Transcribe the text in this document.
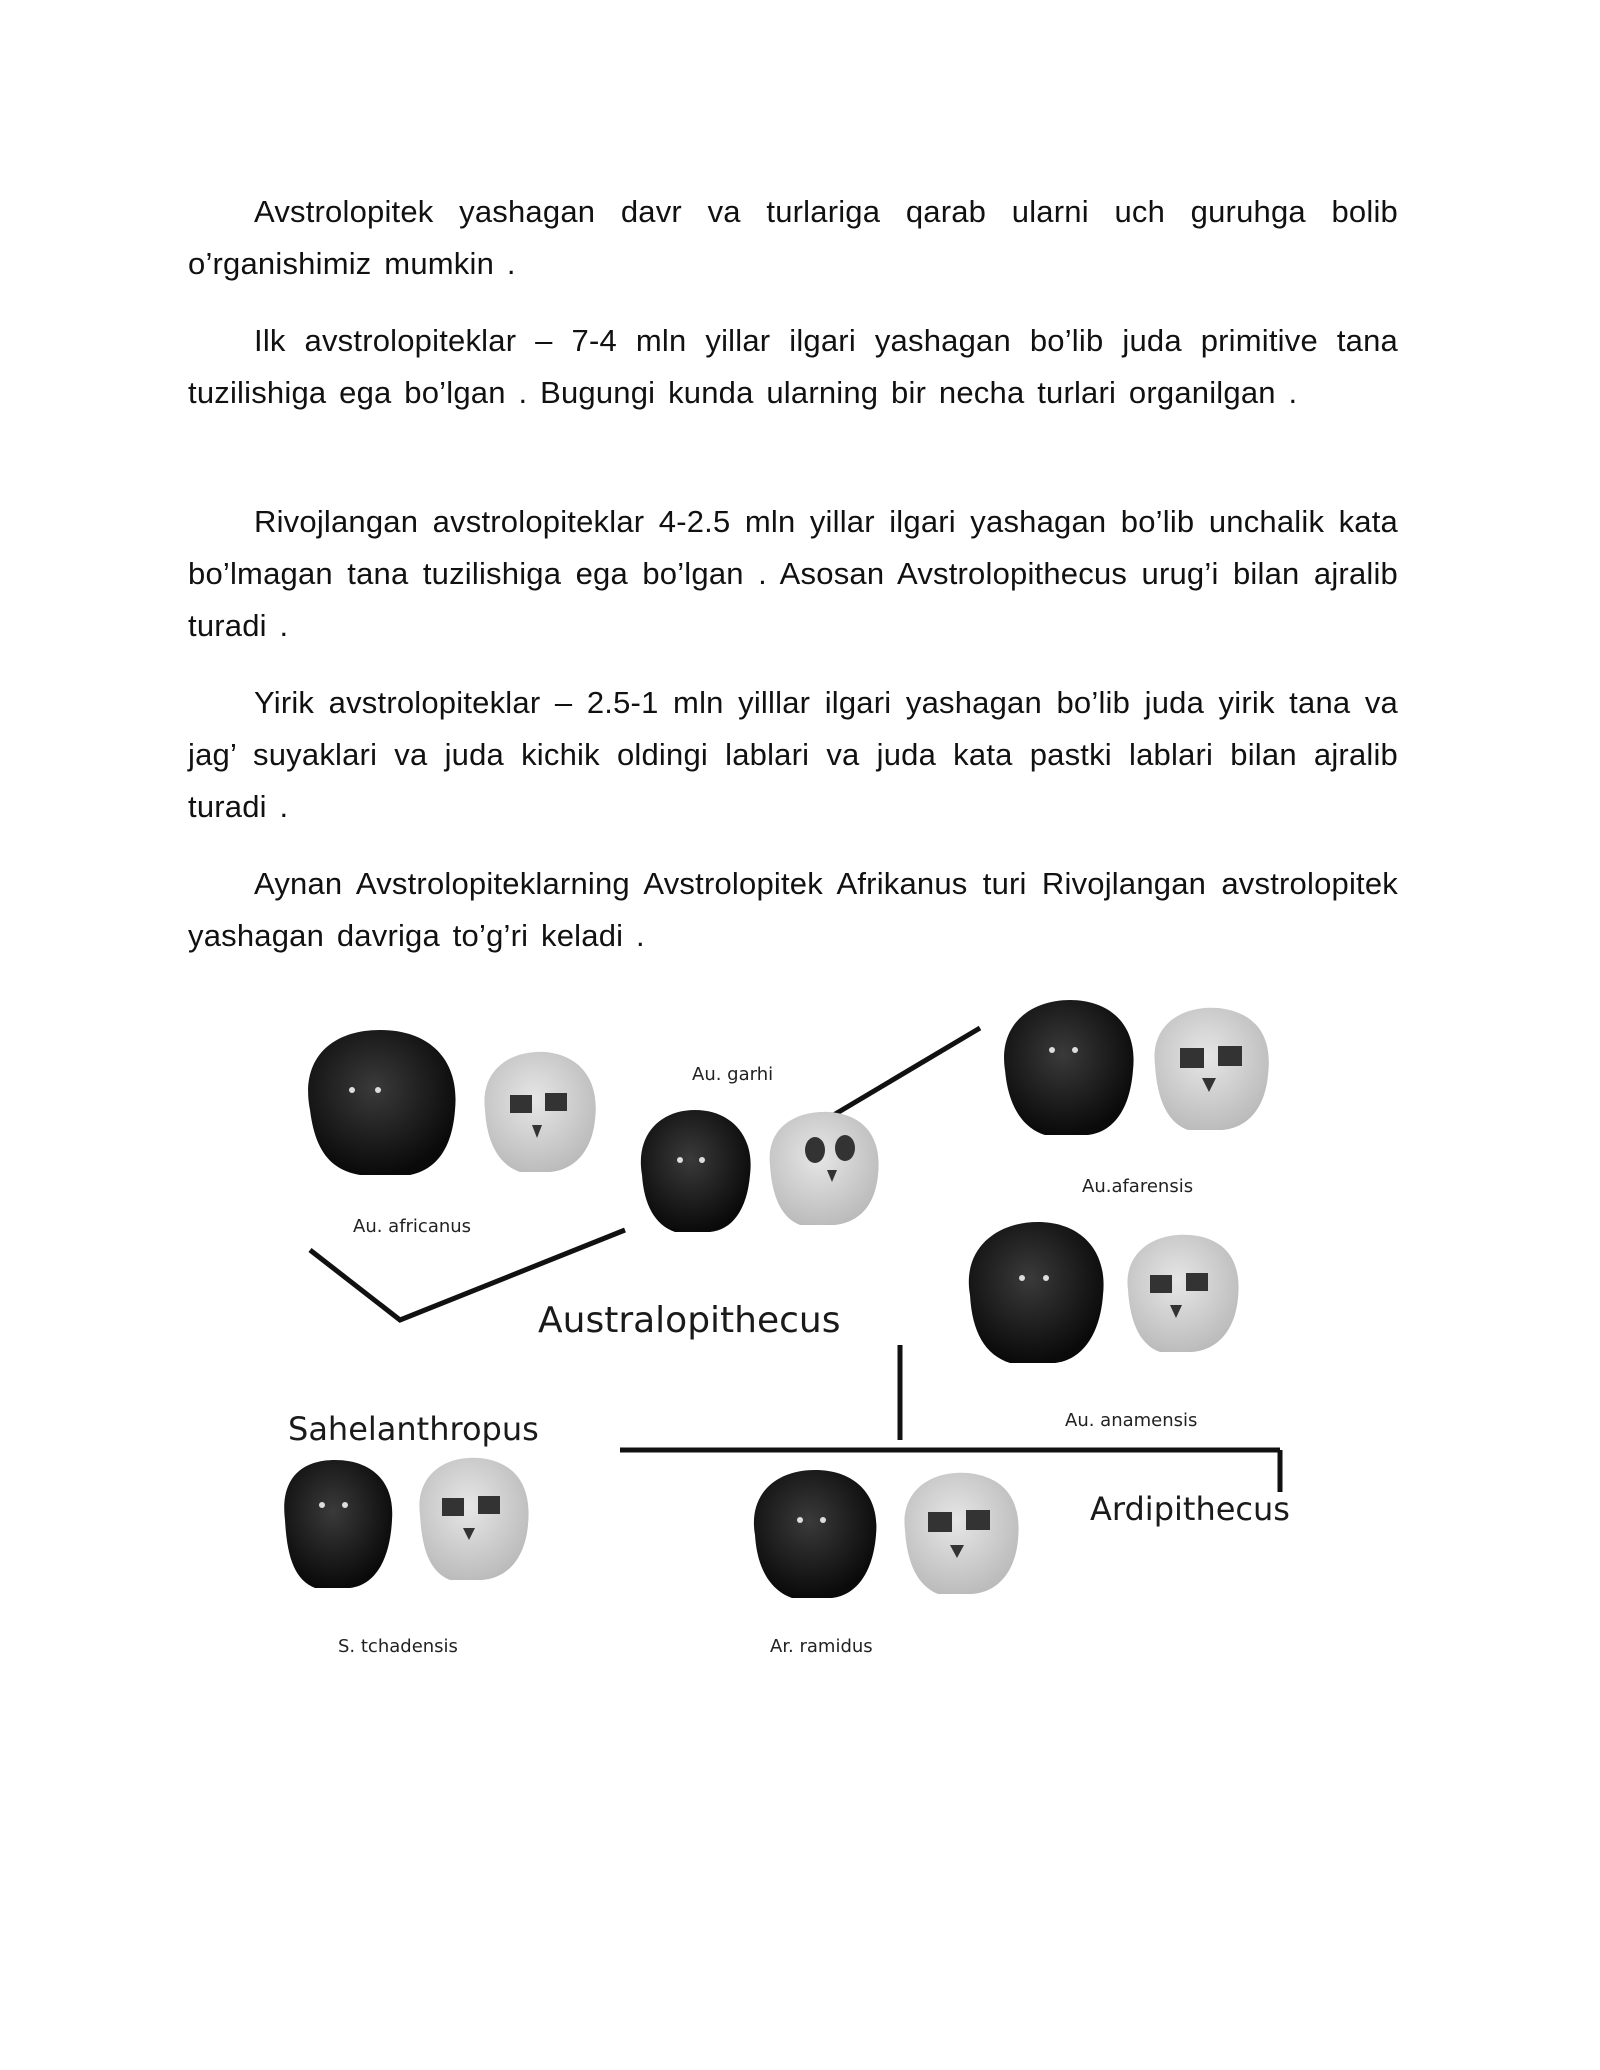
Avstrolopitek yashagan davr va turlariga qarab ularni uch guruhga bolib o’rganishimiz mumkin .

Ilk avstrolopiteklar – 7-4 mln yillar ilgari yashagan bo’lib juda primitive tana tuzilishiga ega bo’lgan . Bugungi kunda ularning bir necha turlari organilgan .

Rivojlangan avstrolopiteklar 4-2.5 mln yillar ilgari yashagan bo’lib unchalik kata bo’lmagan tana tuzilishiga ega bo’lgan . Asosan Avstrolopithecus urug’i bilan ajralib turadi .

Yirik avstrolopiteklar – 2.5-1 mln yilllar ilgari yashagan bo’lib juda yirik tana va jag’ suyaklari va juda kichik oldingi lablari va juda kata pastki lablari bilan ajralib turadi .

Aynan Avstrolopiteklarning Avstrolopitek Afrikanus turi Rivojlangan avstrolopitek yashagan davriga to’g’ri keladi .

Au. africanus
Au. garhi
Au.afarensis
Au. anamensis
Australopithecus
Sahelanthropus
Ardipithecus
S. tchadensis	Ar. ramidus
